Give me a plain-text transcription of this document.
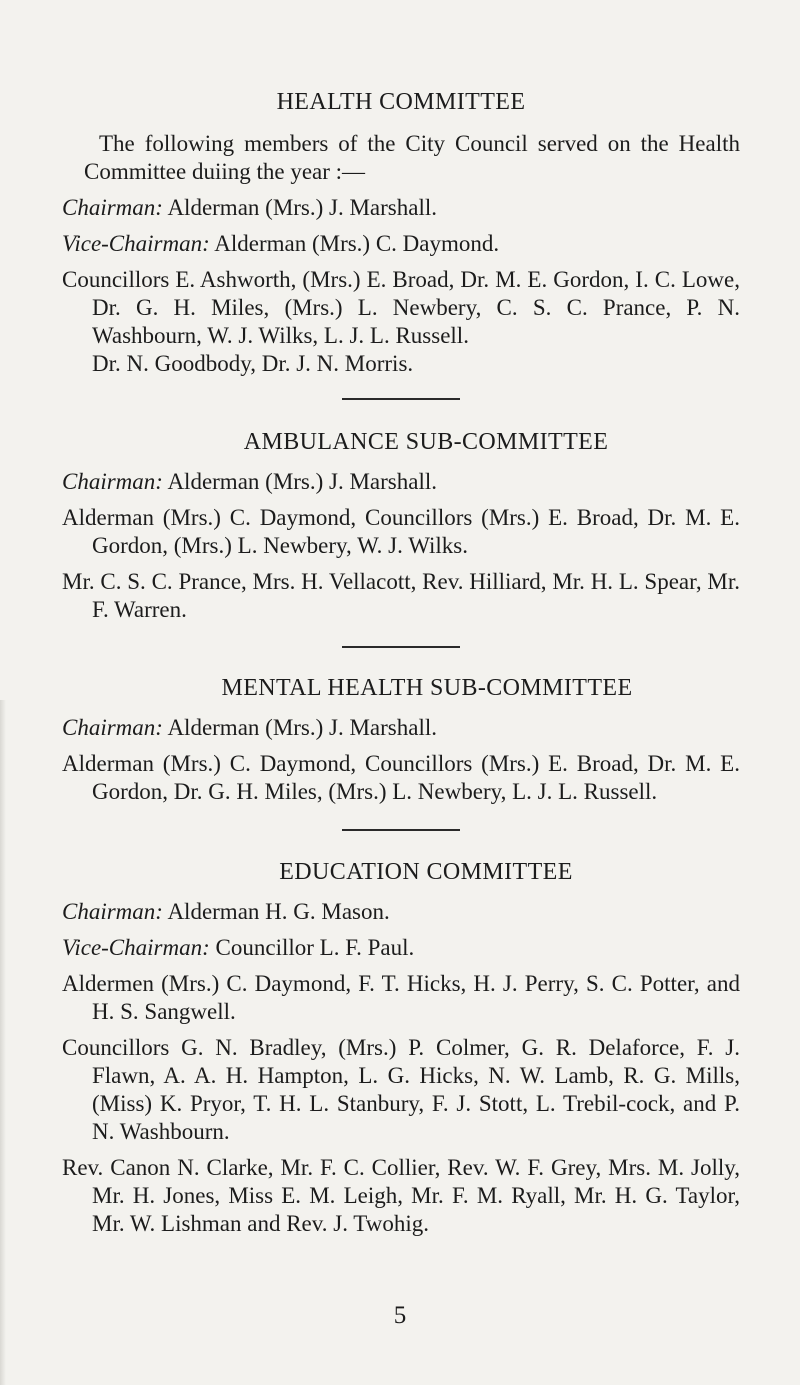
HEALTH COMMITTEE

The following members of the City Council served on the Health Committee duiing the year :—

Chairman: Alderman (Mrs.) J. Marshall.

Vice-Chairman: Alderman (Mrs.) C. Daymond.

Councillors E. Ashworth, (Mrs.) E. Broad, Dr. M. E. Gordon, I. C. Lowe, Dr. G. H. Miles, (Mrs.) L. Newbery, C. S. C. Prance, P. N. Washbourn, W. J. Wilks, L. J. L. Russell.

Dr. N. Goodbody, Dr. J. N. Morris.

AMBULANCE SUB-COMMITTEE

Chairman: Alderman (Mrs.) J. Marshall.

Alderman (Mrs.) C. Daymond, Councillors (Mrs.) E. Broad, Dr. M. E. Gordon, (Mrs.) L. Newbery, W. J. Wilks.

Mr. C. S. C. Prance, Mrs. H. Vellacott, Rev. Hilliard, Mr. H. L. Spear, Mr. F. Warren.

MENTAL HEALTH SUB-COMMITTEE

Chairman: Alderman (Mrs.) J. Marshall.

Alderman (Mrs.) C. Daymond, Councillors (Mrs.) E. Broad, Dr. M. E. Gordon, Dr. G. H. Miles, (Mrs.) L. Newbery, L. J. L. Russell.

EDUCATION COMMITTEE

Chairman: Alderman H. G. Mason.

Vice-Chairman: Councillor L. F. Paul.

Aldermen (Mrs.) C. Daymond, F. T. Hicks, H. J. Perry, S. C. Potter, and H. S. Sangwell.

Councillors G. N. Bradley, (Mrs.) P. Colmer, G. R. Delaforce, F. J. Flawn, A. A. H. Hampton, L. G. Hicks, N. W. Lamb, R. G. Mills, (Miss) K. Pryor, T. H. L. Stanbury, F. J. Stott, L. Trebil-cock, and P. N. Washbourn.

Rev. Canon N. Clarke, Mr. F. C. Collier, Rev. W. F. Grey, Mrs. M. Jolly, Mr. H. Jones, Miss E. M. Leigh, Mr. F. M. Ryall, Mr. H. G. Taylor, Mr. W. Lishman and Rev. J. Twohig.

5
